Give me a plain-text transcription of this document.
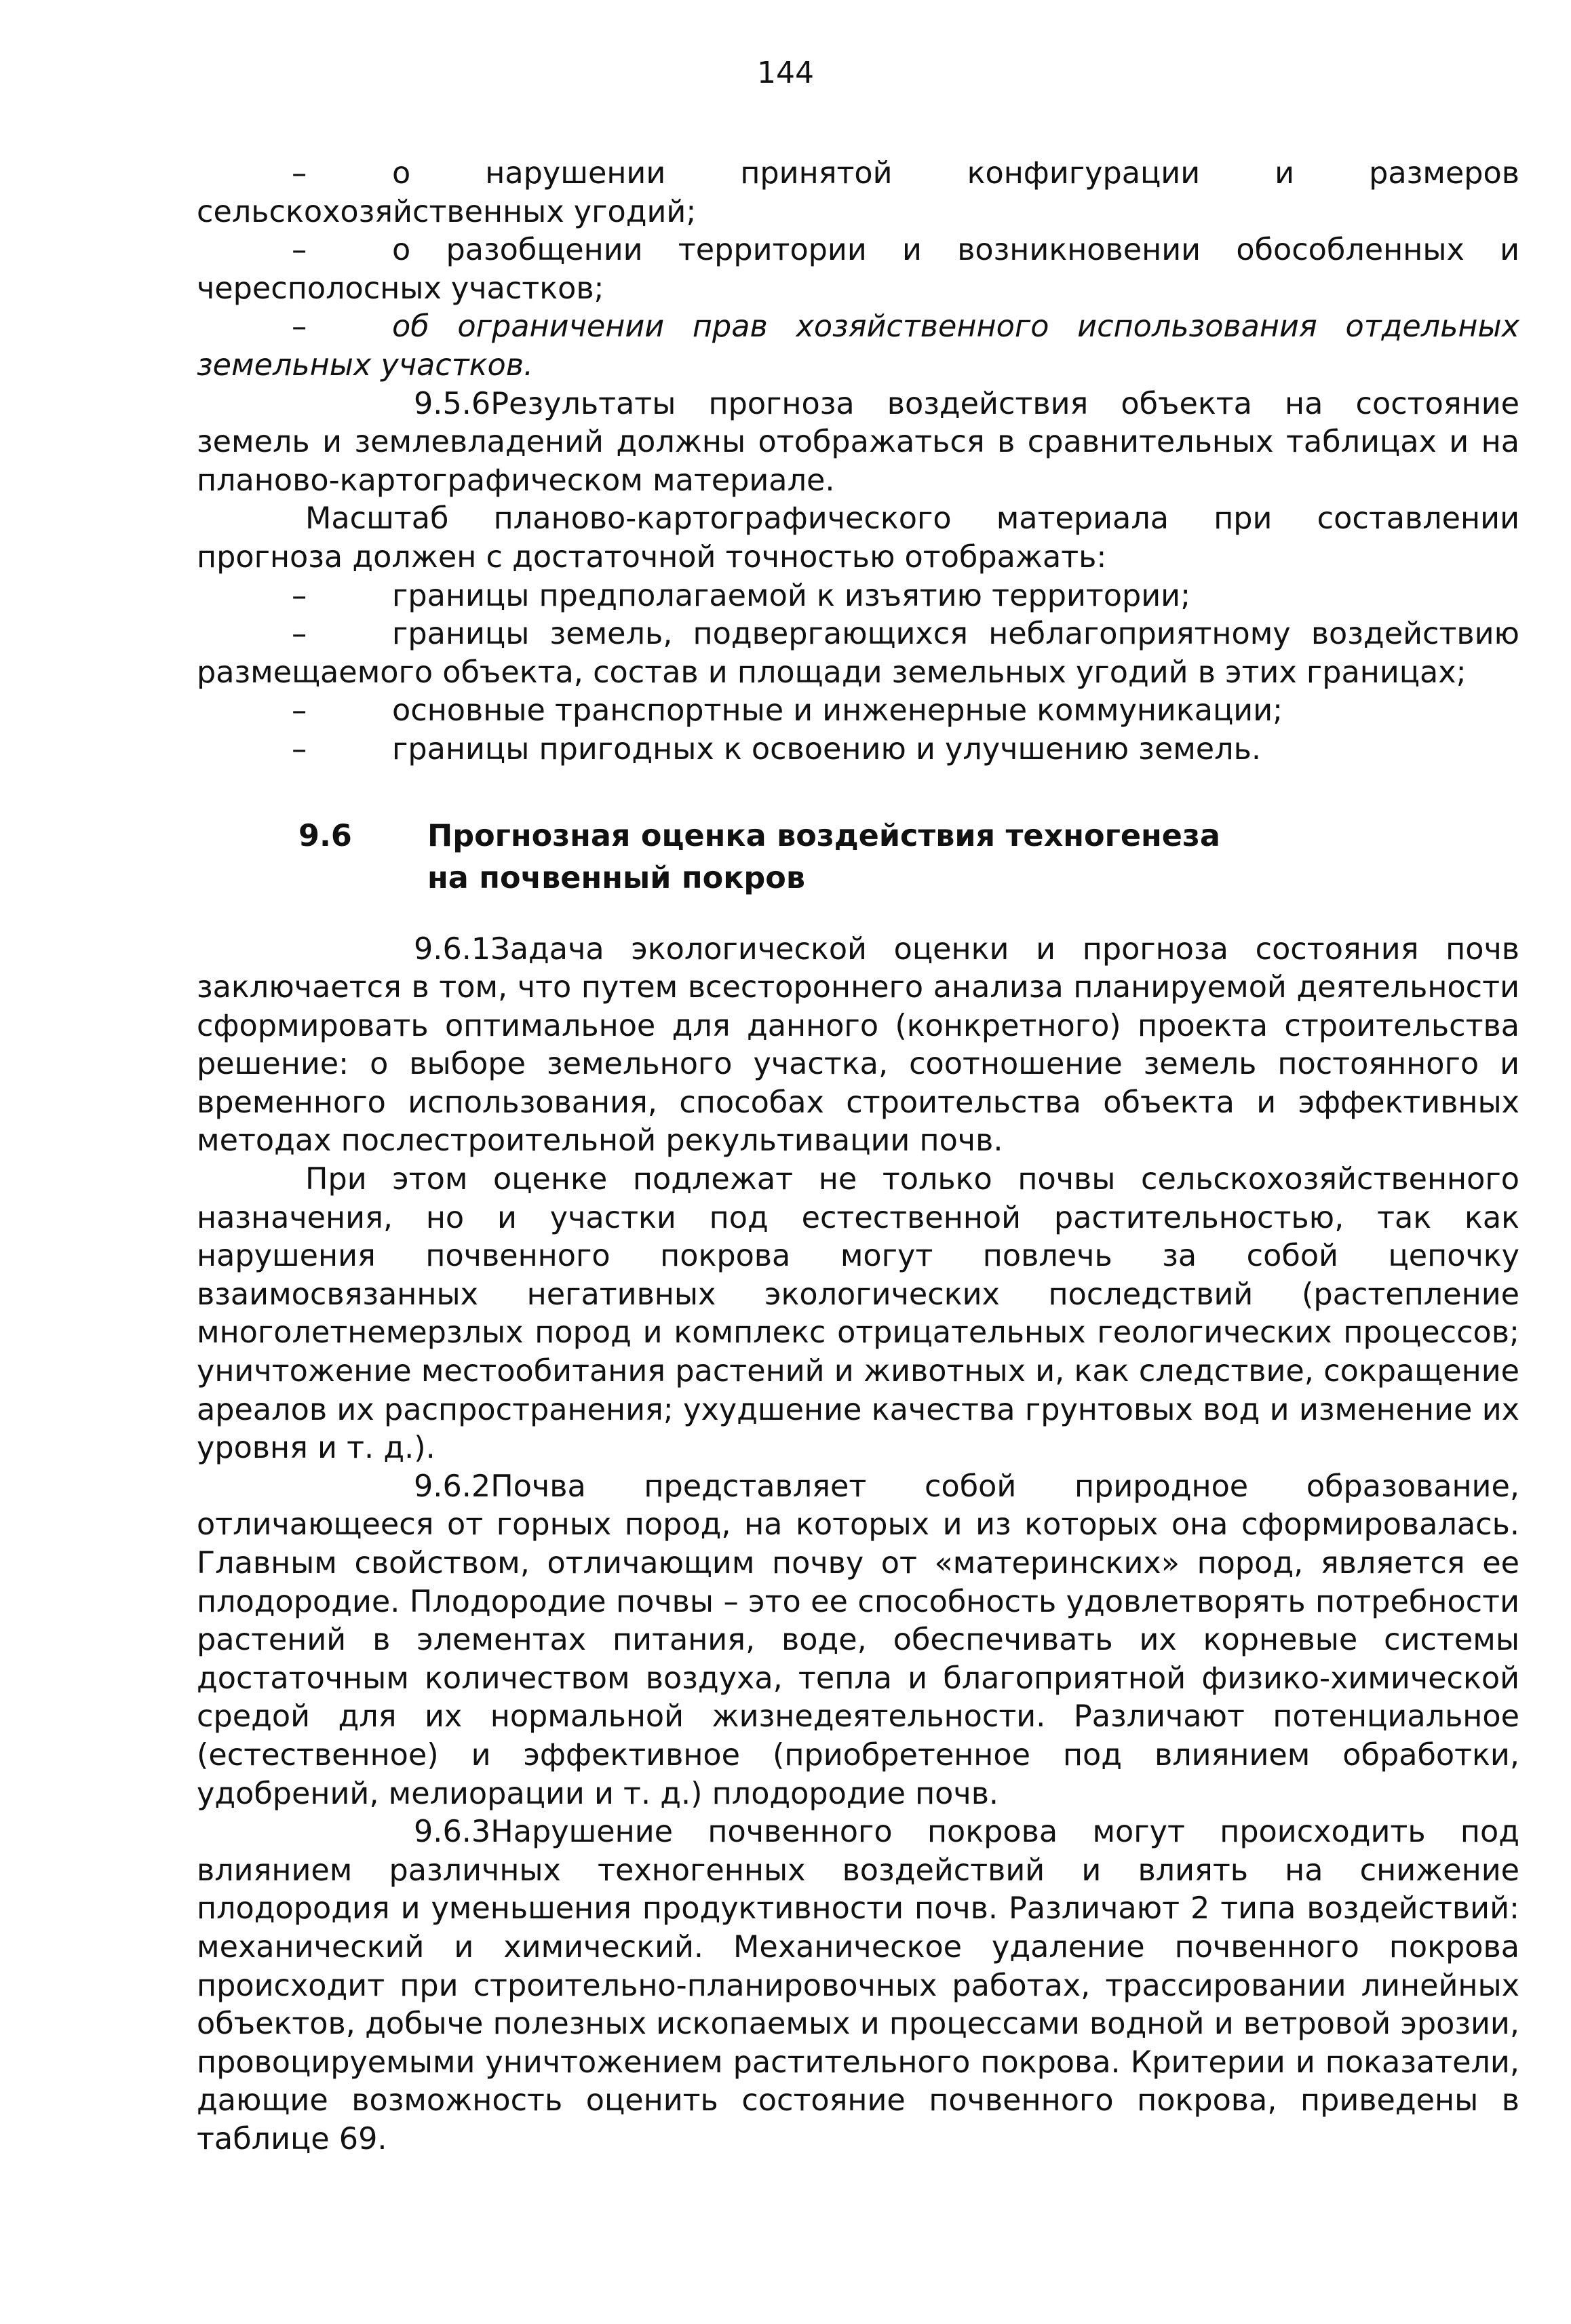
144

–	о нарушении принятой конфигурации и размеров сельскохозяйственных угодий;

–	о разобщении территории и возникновении обособленных и чересполосных участков;

–	об ограничении прав хозяйственного использования отдельных земельных участков.

9.5.6Результаты прогноза воздействия объекта на состояние земель и землевладений должны отображаться в сравнительных таблицах и на планово-картографическом материале.

Масштаб планово-картографического материала при составлении прогноза должен с достаточной точностью отображать:

–	границы предполагаемой к изъятию территории;

–	границы земель, подвергающихся неблагоприятному воздействию размещаемого объекта, состав и площади земельных угодий в этих границах;

–	основные транспортные и инженерные коммуникации;

–	границы пригодных к освоению и улучшению земель.

9.6 Прогнозная оценка воздействия техногенеза на почвенный покров

9.6.1Задача экологической оценки и прогноза состояния почв заключается в том, что путем всестороннего анализа планируемой деятельности сформировать оптимальное для данного (конкретного) проекта строительства решение: о выборе земельного участка, соотношение земель постоянного и временного использования, способах строительства объекта и эффективных методах послестроительной рекультивации почв.

При этом оценке подлежат не только почвы сельскохозяйственного назначения, но и участки под естественной растительностью, так как нарушения почвенного покрова могут повлечь за собой цепочку взаимосвязанных негативных экологических последствий (растепление многолетнемерзлых пород и комплекс отрицательных геологических процессов; уничтожение местообитания растений и животных и, как следствие, сокращение ареалов их распространения; ухудшение качества грунтовых вод и изменение их уровня и т. д.).

9.6.2Почва представляет собой природное образование, отличающееся от горных пород, на которых и из которых она сформировалась. Главным свойством, отличающим почву от «материнских» пород, является ее плодородие. Плодородие почвы – это ее способность удовлетворять потребности растений в элементах питания, воде, обеспечивать их корневые системы достаточным количеством воздуха, тепла и благоприятной физико-химической средой для их нормальной жизнедеятельности. Различают потенциальное (естественное) и эффективное (приобретенное под влиянием обработки, удобрений, мелиорации и т. д.) плодородие почв.

9.6.3Нарушение почвенного покрова могут происходить под влиянием различных техногенных воздействий и влиять на снижение плодородия и уменьшения продуктивности почв. Различают 2 типа воздействий: механический и химический. Механическое удаление почвенного покрова происходит при строительно-планировочных работах, трассировании линейных объектов, добыче полезных ископаемых и процессами водной и ветровой эрозии, провоцируемыми уничтожением растительного покрова. Критерии и показатели, дающие возможность оценить состояние почвенного покрова, приведены в таблице 69.
